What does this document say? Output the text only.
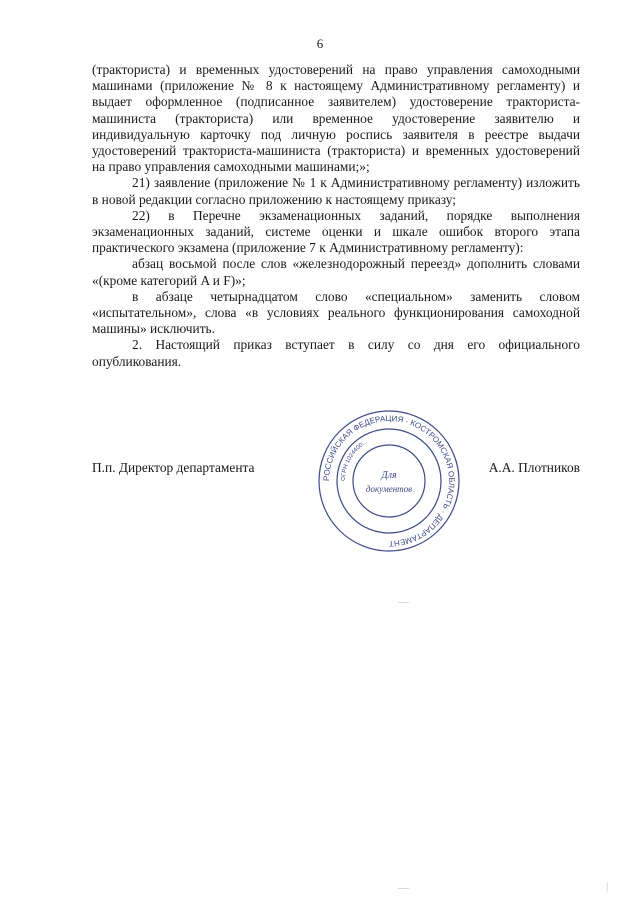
6

(тракториста) и временных удостоверений на право управления самоходными машинами (приложение № 8 к настоящему Административному регламенту) и выдает оформленное (подписанное заявителем) удостоверение тракториста-машиниста (тракториста) или временное удостоверение заявителю и индивидуальную карточку под личную роспись заявителя в реестре выдачи удостоверений тракториста-машиниста (тракториста) и временных удостоверений на право управления самоходными машинами;»;

21) заявление (приложение № 1 к Административному регламенту) изложить в новой редакции согласно приложению к настоящему приказу;

22) в Перечне экзаменационных заданий, порядке выполнения экзаменационных заданий, системе оценки и шкале ошибок второго этапа практического экзамена (приложение 7 к Административному регламенту):

абзац восьмой после слов «железнодорожный переезд» дополнить словами «(кроме категорий A и F)»;

в абзаце четырнадцатом слово «специальном» заменить словом «испытательном», слова «в условиях реального функционирования самоходной машины» исключить.

2. Настоящий приказ вступает в силу со дня его официального опубликования.

РОССИЙСКАЯ ФЕДЕРАЦИЯ · КОСТРОМСКАЯ ОБЛАСТЬ · ДЕПАРТАМЕНТ
ОГРН 1024400...
Для
документов
П.п. Директор департамента	А.А. Плотников
—
—	|
